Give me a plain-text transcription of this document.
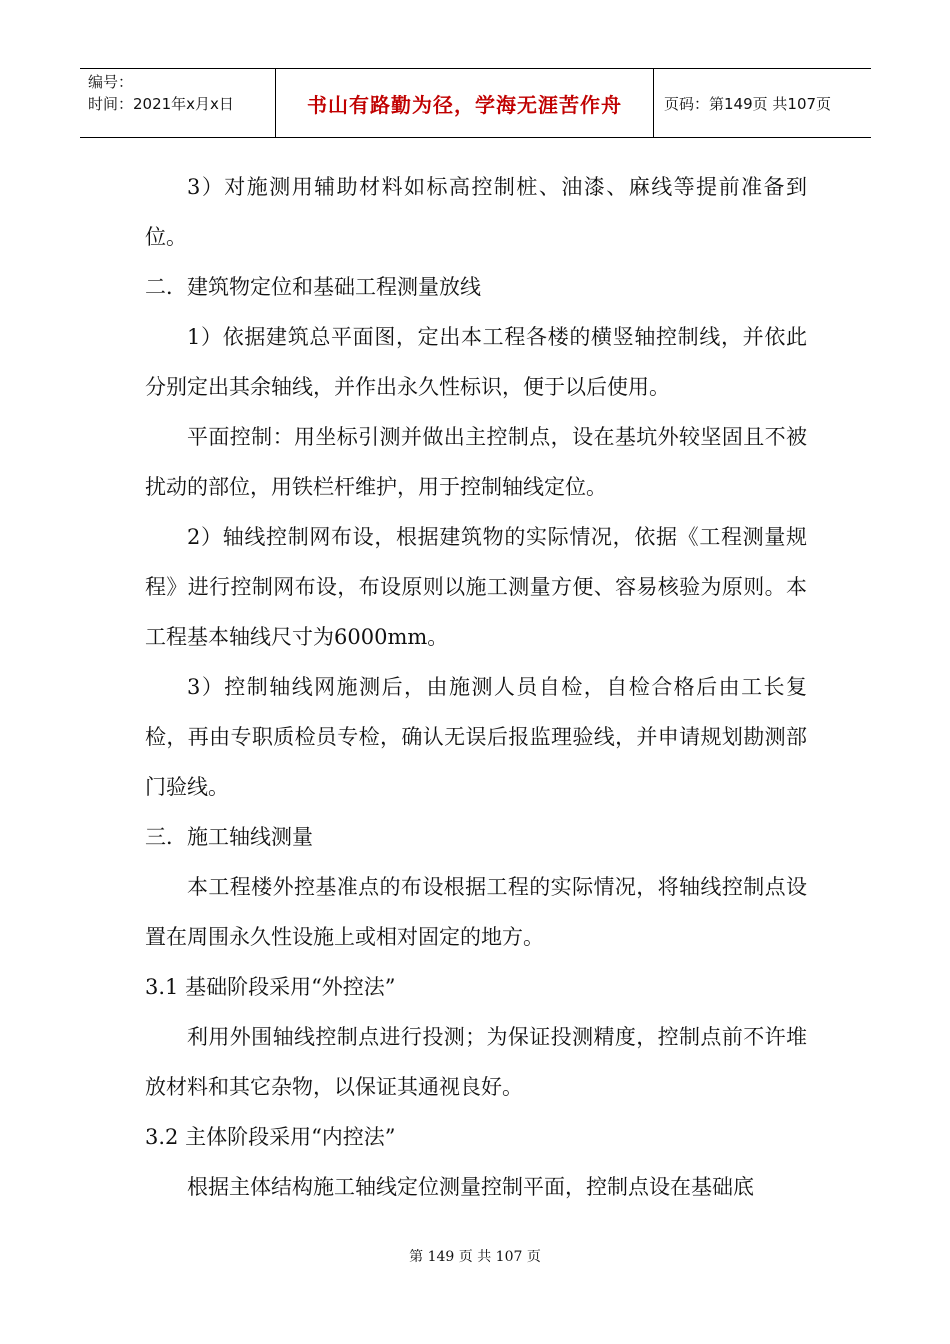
编号：
时间：2021年x月x日	书山有路勤为径，学海无涯苦作舟	页码：第149页 共107页

3）对施测用辅助材料如标高控制桩、油漆、麻线等提前准备到位。

二．建筑物定位和基础工程测量放线

1）依据建筑总平面图，定出本工程各楼的横竖轴控制线，并依此分别定出其余轴线，并作出永久性标识，便于以后使用。

平面控制：用坐标引测并做出主控制点，设在基坑外较坚固且不被扰动的部位，用铁栏杆维护，用于控制轴线定位。

2）轴线控制网布设，根据建筑物的实际情况，依据《工程测量规程》进行控制网布设，布设原则以施工测量方便、容易核验为原则。本工程基本轴线尺寸为6000mm。

3）控制轴线网施测后，由施测人员自检，自检合格后由工长复检，再由专职质检员专检，确认无误后报监理验线，并申请规划勘测部门验线。

三．施工轴线测量

本工程楼外控基准点的布设根据工程的实际情况，将轴线控制点设置在周围永久性设施上或相对固定的地方。

3.1 基础阶段采用“外控法”

利用外围轴线控制点进行投测；为保证投测精度，控制点前不许堆放材料和其它杂物，以保证其通视良好。

3.2 主体阶段采用“内控法”

根据主体结构施工轴线定位测量控制平面，控制点设在基础底

第 149 页 共 107 页
